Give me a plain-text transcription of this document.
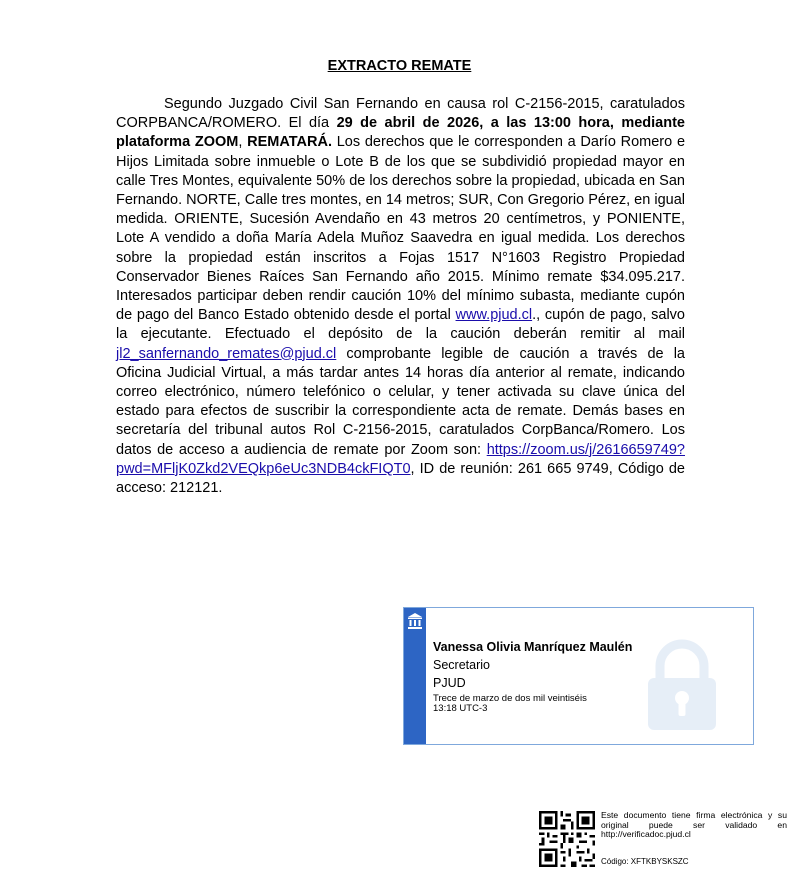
EXTRACTO REMATE

Segundo Juzgado Civil San Fernando en causa rol C-2156-2015, caratulados CORPBANCA/ROMERO. El día 29 de abril de 2026, a las 13:00 hora, mediante plataforma ZOOM, REMATARÁ. Los derechos que le corresponden a Darío Romero e Hijos Limitada sobre inmueble o Lote B de los que se subdividió propiedad mayor en calle Tres Montes, equivalente 50% de los derechos sobre la propiedad, ubicada en San Fernando. NORTE, Calle tres montes, en 14 metros; SUR, Con Gregorio Pérez, en igual medida. ORIENTE, Sucesión Avendaño en 43 metros 20 centímetros, y PONIENTE, Lote A vendido a doña María Adela Muñoz Saavedra en igual medida. Los derechos sobre la propiedad están inscritos a Fojas 1517 N°1603 Registro Propiedad Conservador Bienes Raíces San Fernando año 2015. Mínimo remate $34.095.217. Interesados participar deben rendir caución 10% del mínimo subasta, mediante cupón de pago del Banco Estado obtenido desde el portal www.pjud.cl., cupón de pago, salvo la ejecutante. Efectuado el depósito de la caución deberán remitir al mail jl2_sanfernando_remates@pjud.cl comprobante legible de caución a través de la Oficina Judicial Virtual, a más tardar antes 14 horas día anterior al remate, indicando correo electrónico, número telefónico o celular, y tener activada su clave única del estado para efectos de suscribir la correspondiente acta de remate. Demás bases en secretaría del tribunal autos Rol C-2156-2015, caratulados CorpBanca/Romero. Los datos de acceso a audiencia de remate por Zoom son: https://zoom.us/j/2616659749?pwd=MFljK0Zkd2VEQkp6eUc3NDB4ckFIQT0, ID de reunión: 261 665 9749, Código de acceso: 212121.

Vanessa Olivia Manríquez Maulén
Secretario
PJUD
Trece de marzo de dos mil veintiséis
13:18 UTC-3
Este documento tiene firma electrónica y su original puede ser validado en http://verificadoc.pjud.cl
Código: XFTKBYSKSZC
